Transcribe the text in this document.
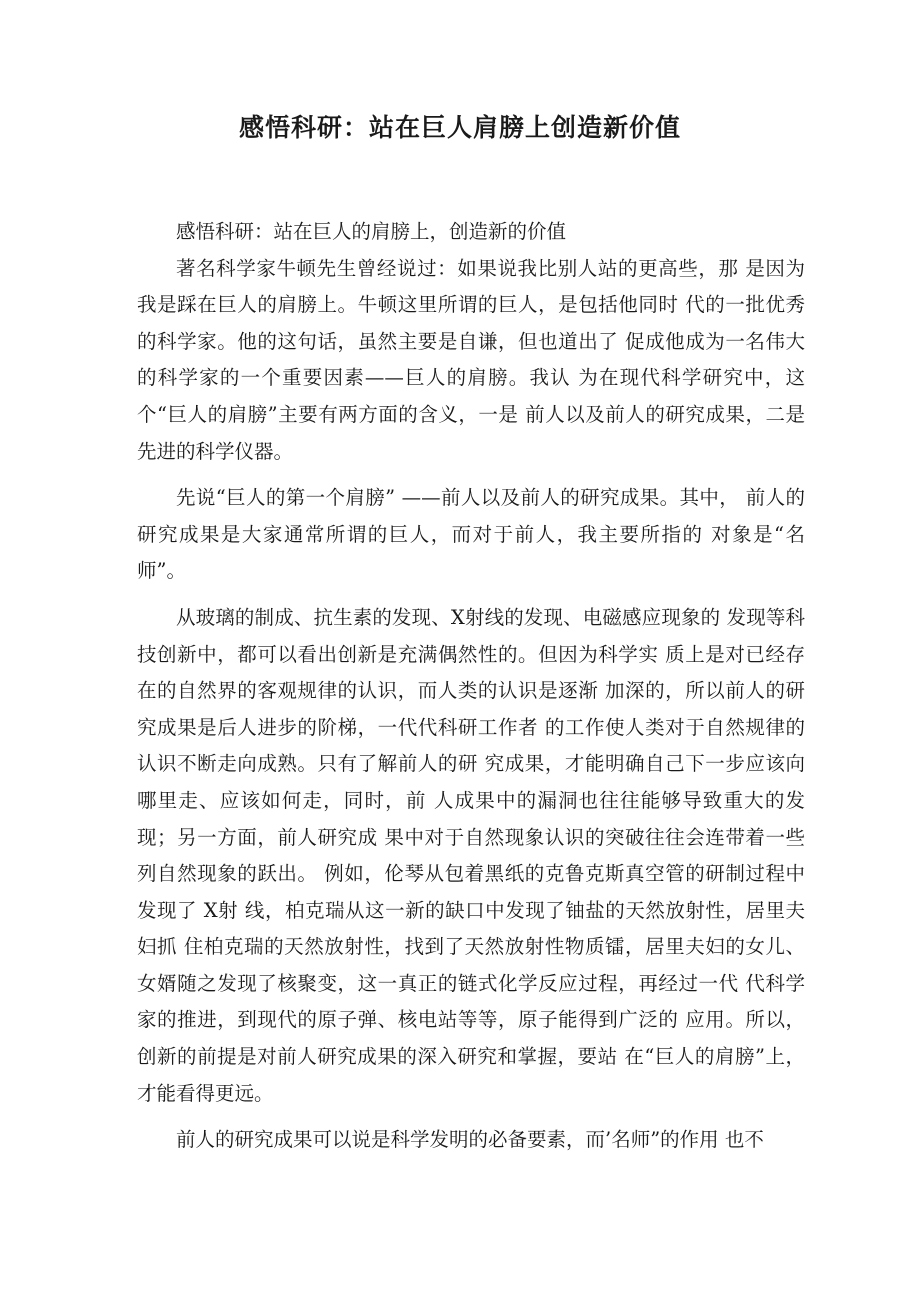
感悟科研：站在巨人肩膀上创造新价值

感悟科研：站在巨人的肩膀上，创造新的价值

著名科学家牛顿先生曾经说过：如果说我比别人站的更高些，那 是因为我是踩在巨人的肩膀上。牛顿这里所谓的巨人，是包括他同时 代的一批优秀的科学家。他的这句话，虽然主要是自谦，但也道出了 促成他成为一名伟大的科学家的一个重要因素——巨人的肩膀。我认 为在现代科学研究中，这个“巨人的肩膀”主要有两方面的含义，一是 前人以及前人的研究成果，二是先进的科学仪器。

先说“巨人的第一个肩膀” ——前人以及前人的研究成果。其中， 前人的研究成果是大家通常所谓的巨人，而对于前人，我主要所指的 对象是“名师”。

从玻璃的制成、抗生素的发现、X射线的发现、电磁感应现象的 发现等科技创新中，都可以看出创新是充满偶然性的。但因为科学实 质上是对已经存在的自然界的客观规律的认识，而人类的认识是逐渐 加深的，所以前人的研究成果是后人进步的阶梯，一代代科研工作者 的工作使人类对于自然规律的认识不断走向成熟。只有了解前人的研 究成果，才能明确自己下一步应该向哪里走、应该如何走，同时，前 人成果中的漏洞也往往能够导致重大的发现；另一方面，前人研究成 果中对于自然现象认识的突破往往会连带着一些列自然现象的跃出。 例如，伦琴从包着黑纸的克鲁克斯真空管的研制过程中发现了 X射 线，柏克瑞从这一新的缺口中发现了铀盐的天然放射性，居里夫妇抓 住柏克瑞的天然放射性，找到了天然放射性物质镭，居里夫妇的女儿、 女婿随之发现了核聚变，这一真正的链式化学反应过程，再经过一代 代科学家的推进，到现代的原子弹、核电站等等，原子能得到广泛的 应用。所以，创新的前提是对前人研究成果的深入研究和掌握，要站 在“巨人的肩膀”上，才能看得更远。

前人的研究成果可以说是科学发明的必备要素，而’名师”的作用 也不
